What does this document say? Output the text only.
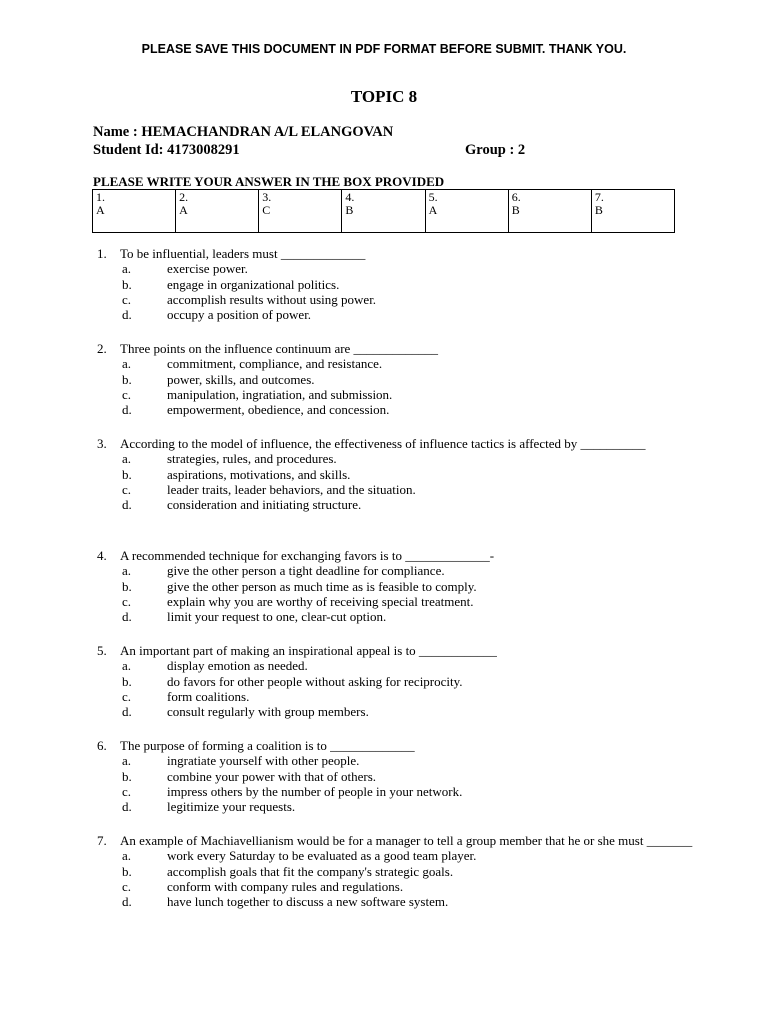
PLEASE SAVE THIS DOCUMENT IN PDF FORMAT BEFORE SUBMIT. THANK YOU.
TOPIC 8
Name : HEMACHANDRAN A/L ELANGOVAN
Student Id: 4173008291	Group : 2
PLEASE WRITE YOUR ANSWER IN THE BOX PROVIDED
1.
A	2.
A	3.
C	4.
B	5.
A	6.
B	7.
B
1. To be influential, leaders must _____________
a.	exercise power.
b.	engage in organizational politics.
c.	accomplish results without using power.
d.	occupy a position of power.
2. Three points on the influence continuum are _____________
a.	commitment, compliance, and resistance.
b.	power, skills, and outcomes.
c.	manipulation, ingratiation, and submission.
d.	empowerment, obedience, and concession.
3. According to the model of influence, the effectiveness of influence tactics is affected by __________
a.	strategies, rules, and procedures.
b.	aspirations, motivations, and skills.
c.	leader traits, leader behaviors, and the situation.
d.	consideration and initiating structure.
4. A recommended technique for exchanging favors is to _____________-
a.	give the other person a tight deadline for compliance.
b.	give the other person as much time as is feasible to comply.
c.	explain why you are worthy of receiving special treatment.
d.	limit your request to one, clear-cut option.
5. An important part of making an inspirational appeal is to ____________
a.	display emotion as needed.
b.	do favors for other people without asking for reciprocity.
c.	form coalitions.
d.	consult regularly with group members.
6. The purpose of forming a coalition is to _____________
a.	ingratiate yourself with other people.
b.	combine your power with that of others.
c.	impress others by the number of people in your network.
d.	legitimize your requests.
7. An example of Machiavellianism would be for a manager to tell a group member that he or she must _______
a.	work every Saturday to be evaluated as a good team player.
b.	accomplish goals that fit the company's strategic goals.
c.	conform with company rules and regulations.
d.	have lunch together to discuss a new software system.
